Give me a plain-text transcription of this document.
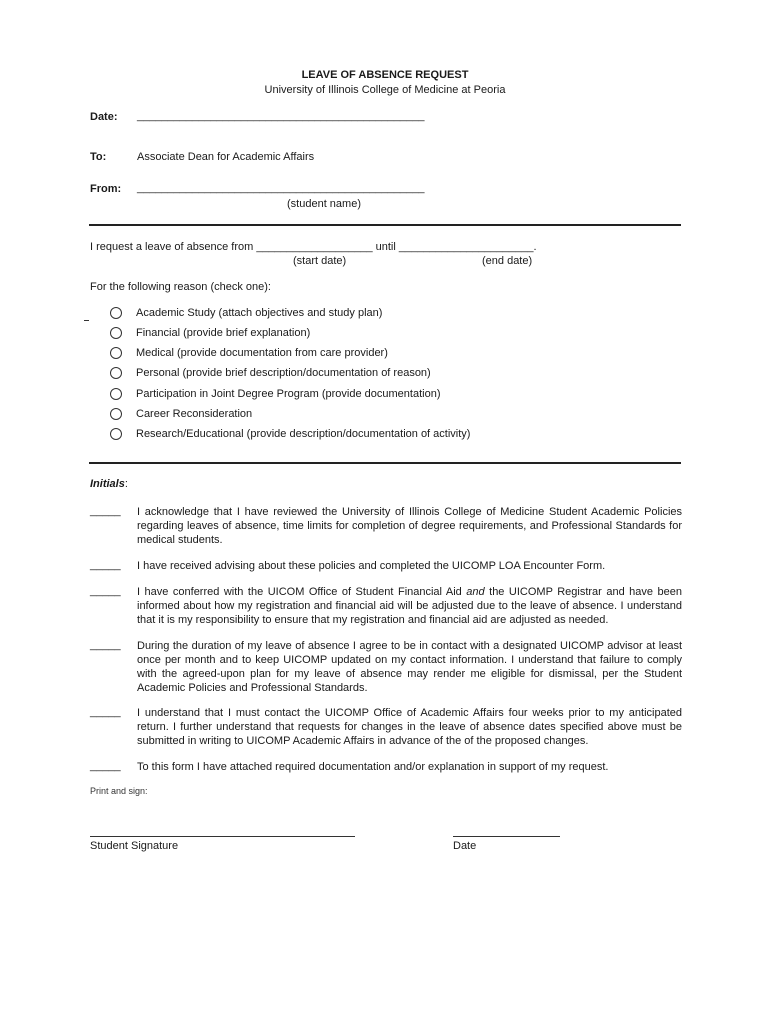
LEAVE OF ABSENCE REQUEST
University of Illinois College of Medicine at Peoria
Date: _______________________________________________
To:	Associate Dean for Academic Affairs
From: _______________________________________________
(student name)
I request a leave of absence from ___________________ until ______________________.
(start date)	(end date)
For the following reason (check one):
Academic Study (attach objectives and study plan)
Financial (provide brief explanation)
Medical (provide documentation from care provider)
Personal (provide brief description/documentation of reason)
Participation in Joint Degree Program (provide documentation)
Career Reconsideration
Research/Educational (provide description/documentation of activity)
Initials:
_____ I acknowledge that I have reviewed the University of Illinois College of Medicine Student Academic Policies regarding leaves of absence, time limits for completion of degree requirements, and Professional Standards for medical students.
_____ I have received advising about these policies and completed the UICOMP LOA Encounter Form.
_____ I have conferred with the UICOM Office of Student Financial Aid and the UICOMP Registrar and have been informed about how my registration and financial aid will be adjusted due to the leave of absence. I understand that it is my responsibility to ensure that my registration and financial aid are adjusted as needed.
_____ During the duration of my leave of absence I agree to be in contact with a designated UICOMP advisor at least once per month and to keep UICOMP updated on my contact information. I understand that failure to comply with the agreed-upon plan for my leave of absence may render me eligible for dismissal, per the Student Academic Policies and Professional Standards.
_____ I understand that I must contact the UICOMP Office of Academic Affairs four weeks prior to my anticipated return. I further understand that requests for changes in the leave of absence dates specified above must be submitted in writing to UICOMP Academic Affairs in advance of the of the proposed changes.
_____ To this form I have attached required documentation and/or explanation in support of my request.
Print and sign:
Student Signature	Date
